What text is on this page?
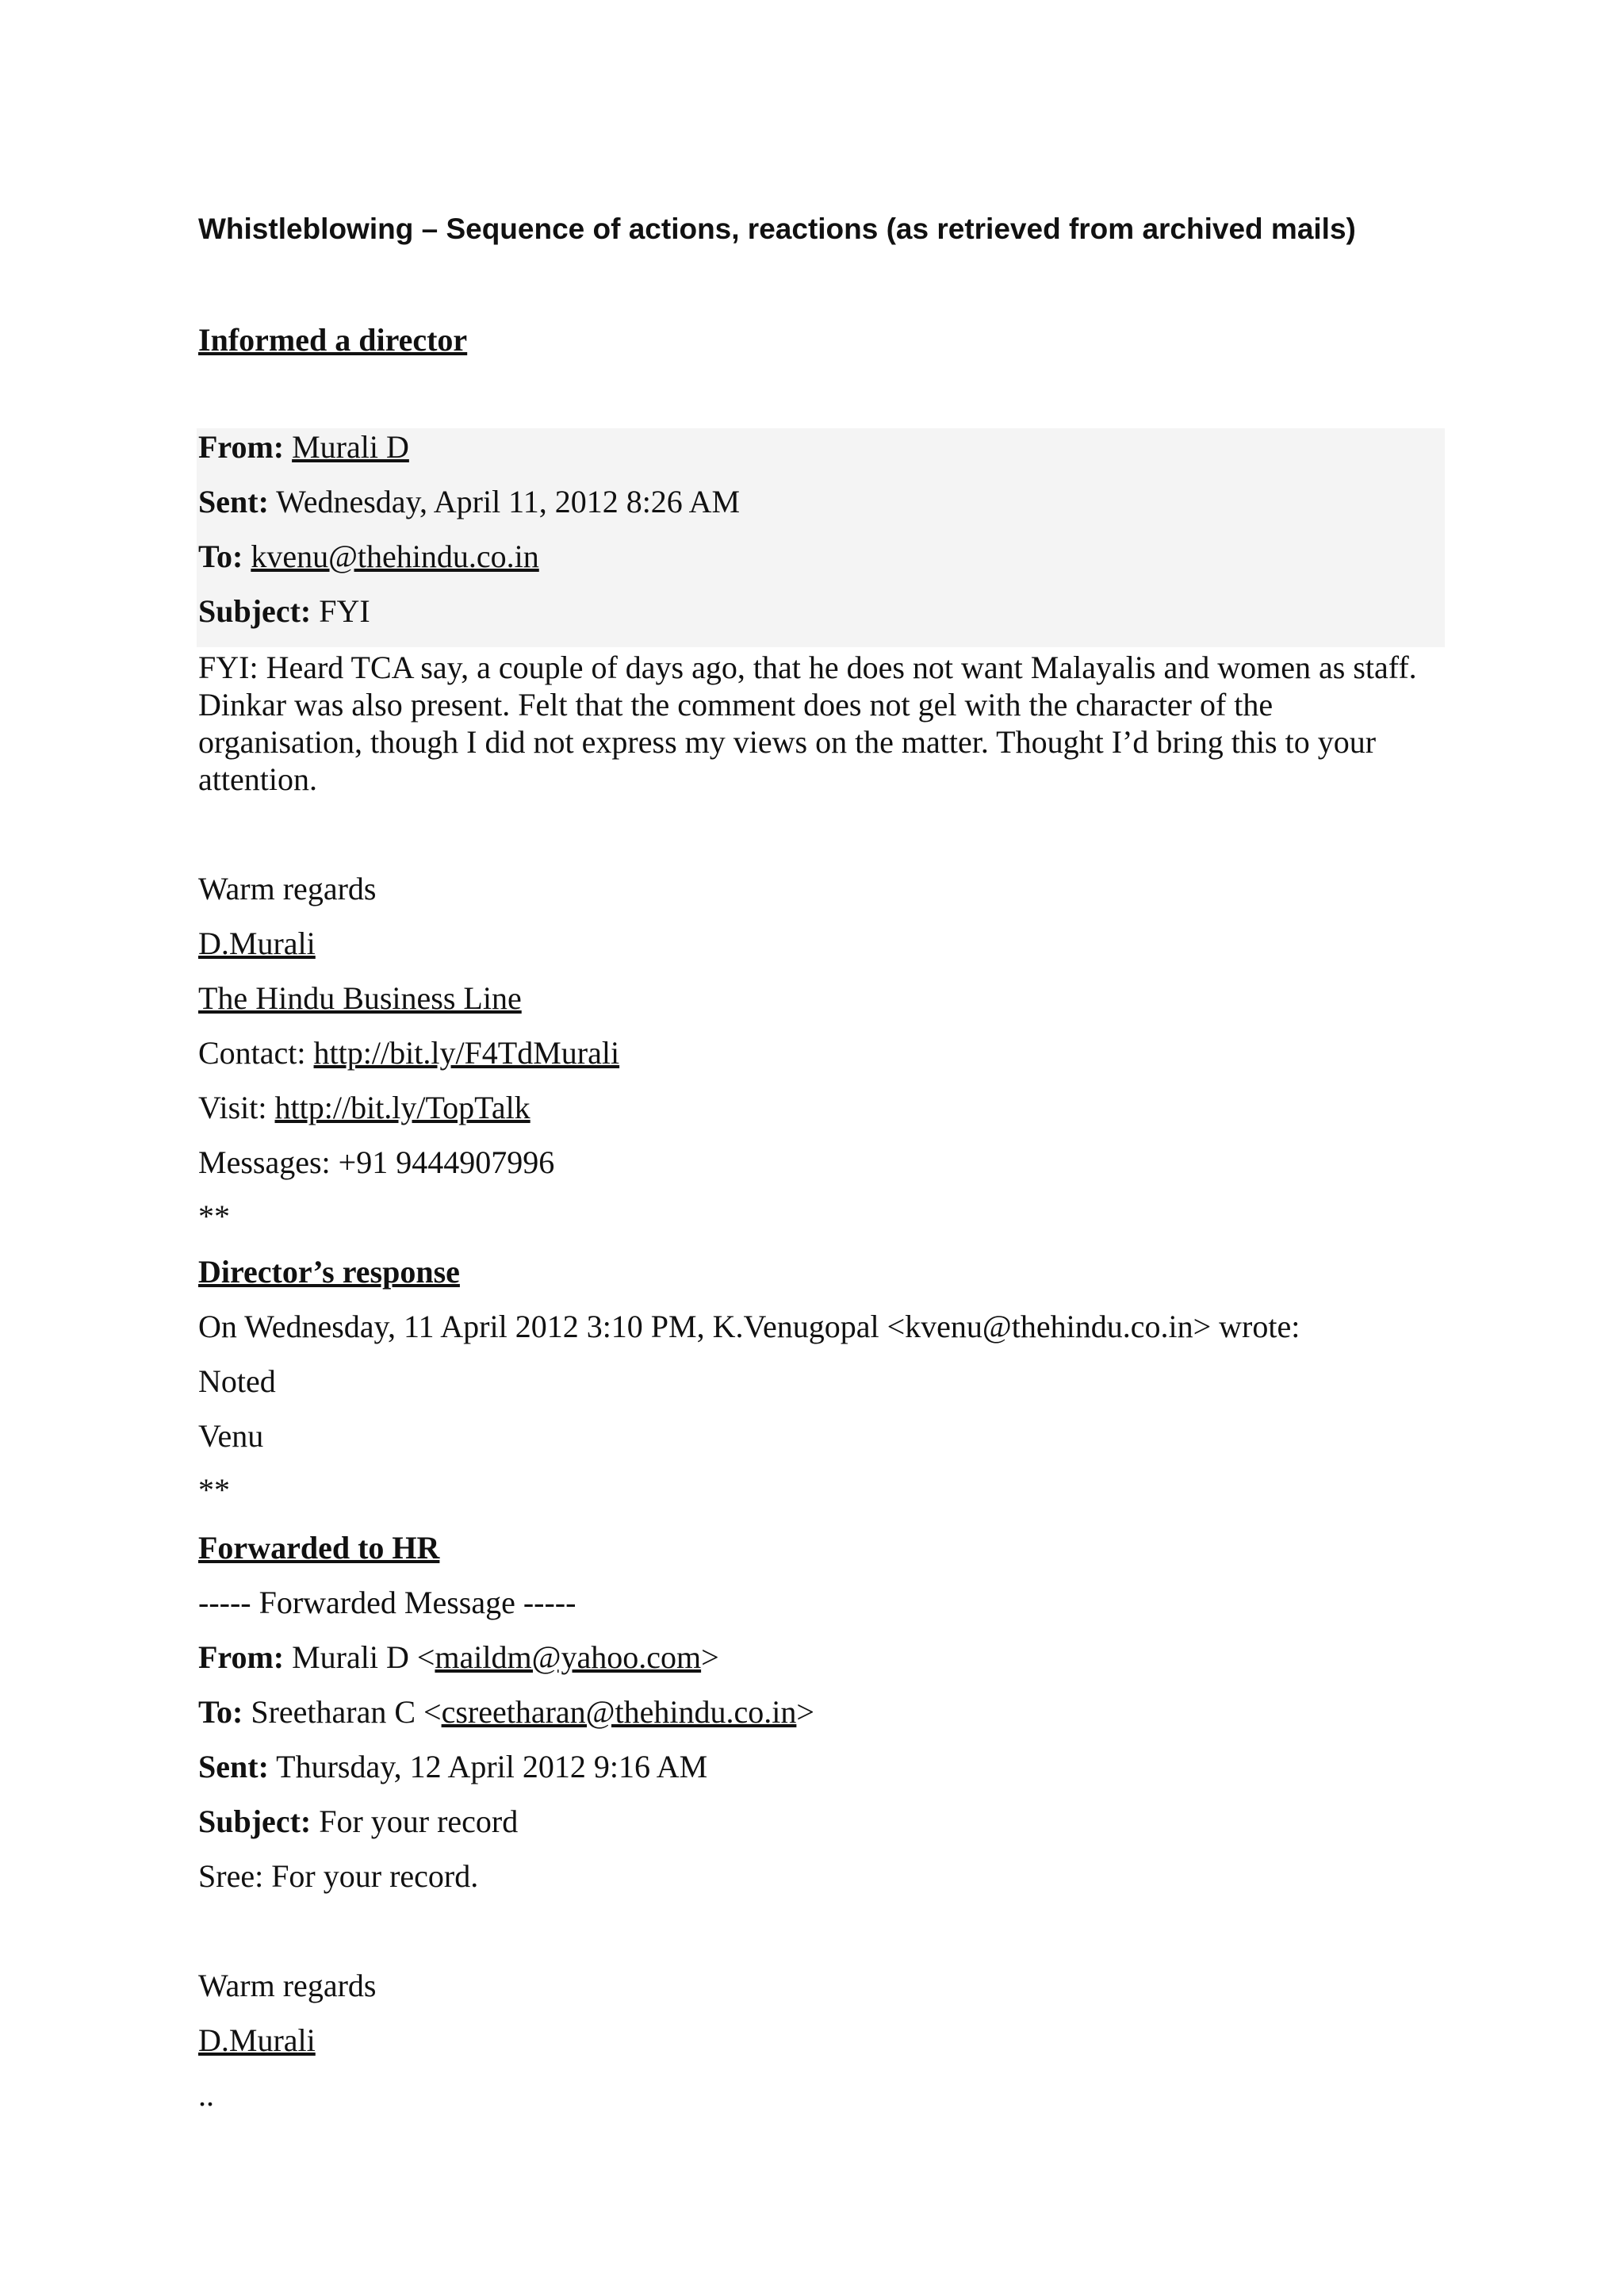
Whistleblowing – Sequence of actions, reactions (as retrieved from archived mails)
Informed a director
From: Murali D
Sent: Wednesday, April 11, 2012 8:26 AM
To: kvenu@thehindu.co.in
Subject: FYI
FYI: Heard TCA say, a couple of days ago, that he does not want Malayalis and women as staff. Dinkar was also present. Felt that the comment does not gel with the character of the organisation, though I did not express my views on the matter. Thought I’d bring this to your attention.
Warm regards
D.Murali
The Hindu Business Line
Contact: http://bit.ly/F4TdMurali
Visit: http://bit.ly/TopTalk
Messages: +91 9444907996
**
Director’s response
On Wednesday, 11 April 2012 3:10 PM, K.Venugopal <kvenu@thehindu.co.in> wrote:
Noted
Venu
**
Forwarded to HR
----- Forwarded Message -----
From: Murali D <maildm@yahoo.com>
To: Sreetharan C <csreetharan@thehindu.co.in>
Sent: Thursday, 12 April 2012 9:16 AM
Subject: For your record
Sree: For your record.
Warm regards
D.Murali
..
